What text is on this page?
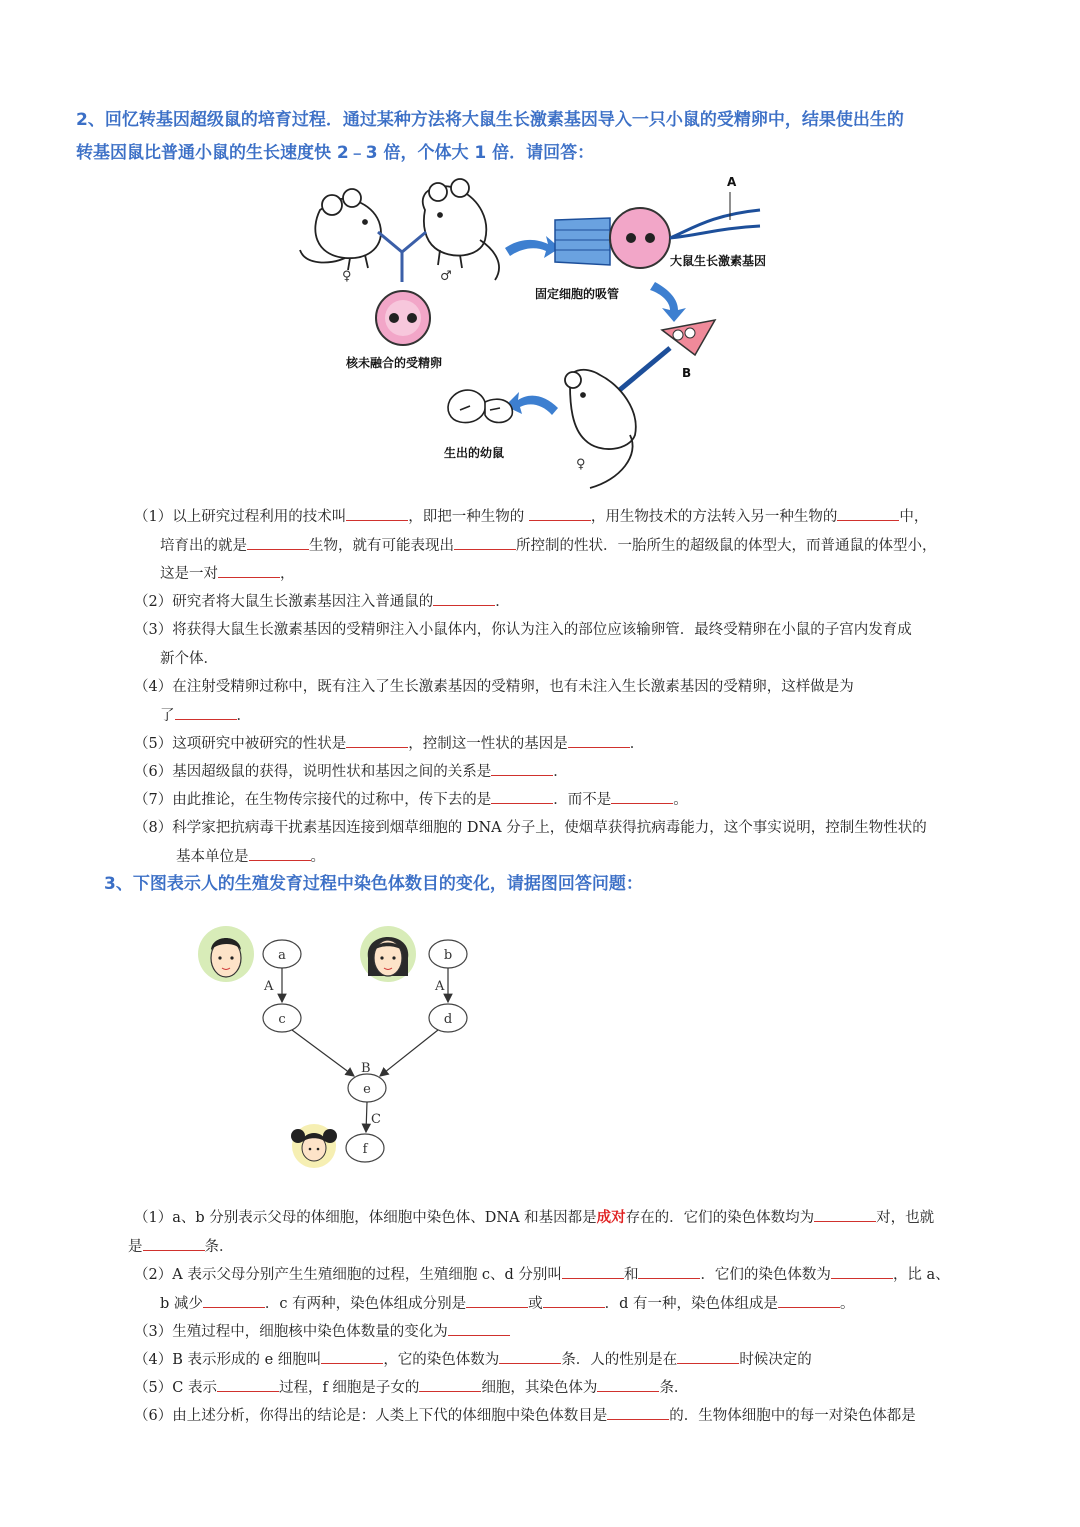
2、回忆转基因超级鼠的培育过程．通过某种方法将大鼠生长激素基因导入一只小鼠的受精卵中，结果使出生的
转基因鼠比普通小鼠的生长速度快 2﹣3 倍，个体大 1 倍．请回答：
♀	♂
核未融合的受精卵
A
大鼠生长激素基因
固定细胞的吸管
B
♀
生出的幼鼠
（1）以上研究过程利用的技术叫	，即把一种生物的	，用生物技术的方法转入另一种生物的	中，
培育出的就是	生物，就有可能表现出	所控制的性状．一胎所生的超级鼠的体型大，而普通鼠的体型小，
这是一对	，
（2）研究者将大鼠生长激素基因注入普通鼠的	．
（3）将获得大鼠生长激素基因的受精卵注入小鼠体内，你认为注入的部位应该输卵管．最终受精卵在小鼠的子宫内发育成
新个体．
（4）在注射受精卵过称中，既有注入了生长激素基因的受精卵，也有未注入生长激素基因的受精卵，这样做是为
了	．
（5）这项研究中被研究的性状是	，控制这一性状的基因是	．
（6）基因超级鼠的获得，说明性状和基因之间的关系是	．
（7）由此推论，在生物传宗接代的过称中，传下去的是	．而不是	。
（8）科学家把抗病毒干扰素基因连接到烟草细胞的 DNA 分子上，使烟草获得抗病毒能力，这个事实说明，控制生物性状的
基本单位是	。
3、下图表示人的生殖发育过程中染色体数目的变化，请据图回答问题：
a
c
b
d
e
f
A	A
B
C
（1）a、b 分别表示父母的体细胞，体细胞中染色体、DNA 和基因都是成对存在的．它们的染色体数均为	对，也就
是	条．
（2）A 表示父母分别产生生殖细胞的过程，生殖细胞 c、d 分别叫	和	．它们的染色体数为	，比 a、
b 减少	．c 有两种，染色体组成分别是	或	．d 有一种，染色体组成是	。
（3）生殖过程中，细胞核中染色体数量的变化为
（4）B 表示形成的 e 细胞叫	，它的染色体数为	条．人的性别是在	时候决定的
（5）C 表示	过程，f 细胞是子女的	细胞，其染色体为	条．
（6）由上述分析，你得出的结论是：人类上下代的体细胞中染色体数目是	的．生物体细胞中的每一对染色体都是
